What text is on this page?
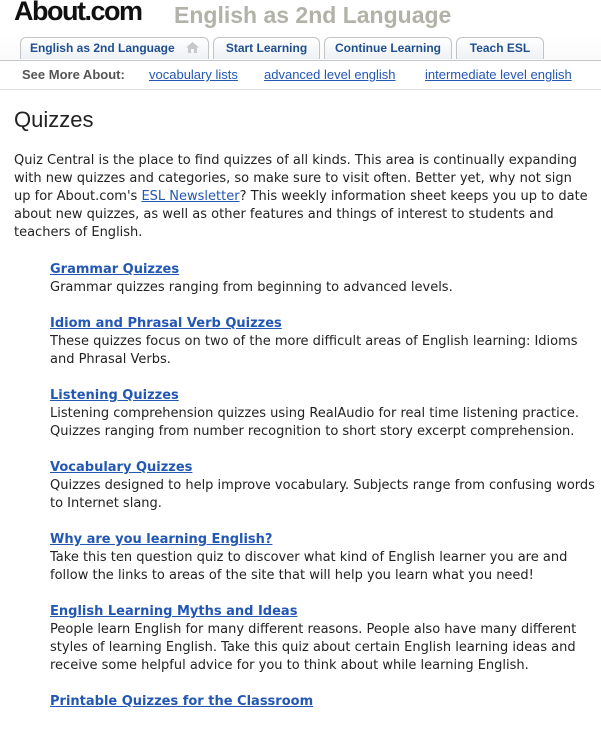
About.com English as 2nd Language
English as 2nd Language	Start Learning	Continue Learning	Teach ESL
See More About: vocabulary lists advanced level english intermediate level english
Quizzes
Quiz Central is the place to find quizzes of all kinds. This area is continually expanding with new quizzes and categories, so make sure to visit often. Better yet, why not sign up for About.com's ESL Newsletter? This weekly information sheet keeps you up to date about new quizzes, as well as other features and things of interest to students and teachers of English.
Grammar Quizzes

Grammar quizzes ranging from beginning to advanced levels.

Idiom and Phrasal Verb Quizzes

These quizzes focus on two of the more difficult areas of English learning: Idioms and Phrasal Verbs.

Listening Quizzes

Listening comprehension quizzes using RealAudio for real time listening practice. Quizzes ranging from number recognition to short story excerpt comprehension.

Vocabulary Quizzes

Quizzes designed to help improve vocabulary. Subjects range from confusing words to Internet slang.

Why are you learning English?

Take this ten question quiz to discover what kind of English learner you are and follow the links to areas of the site that will help you learn what you need!

English Learning Myths and Ideas

People learn English for many different reasons. People also have many different styles of learning English. Take this quiz about certain English learning ideas and receive some helpful advice for you to think about while learning English.

Printable Quizzes for the Classroom
